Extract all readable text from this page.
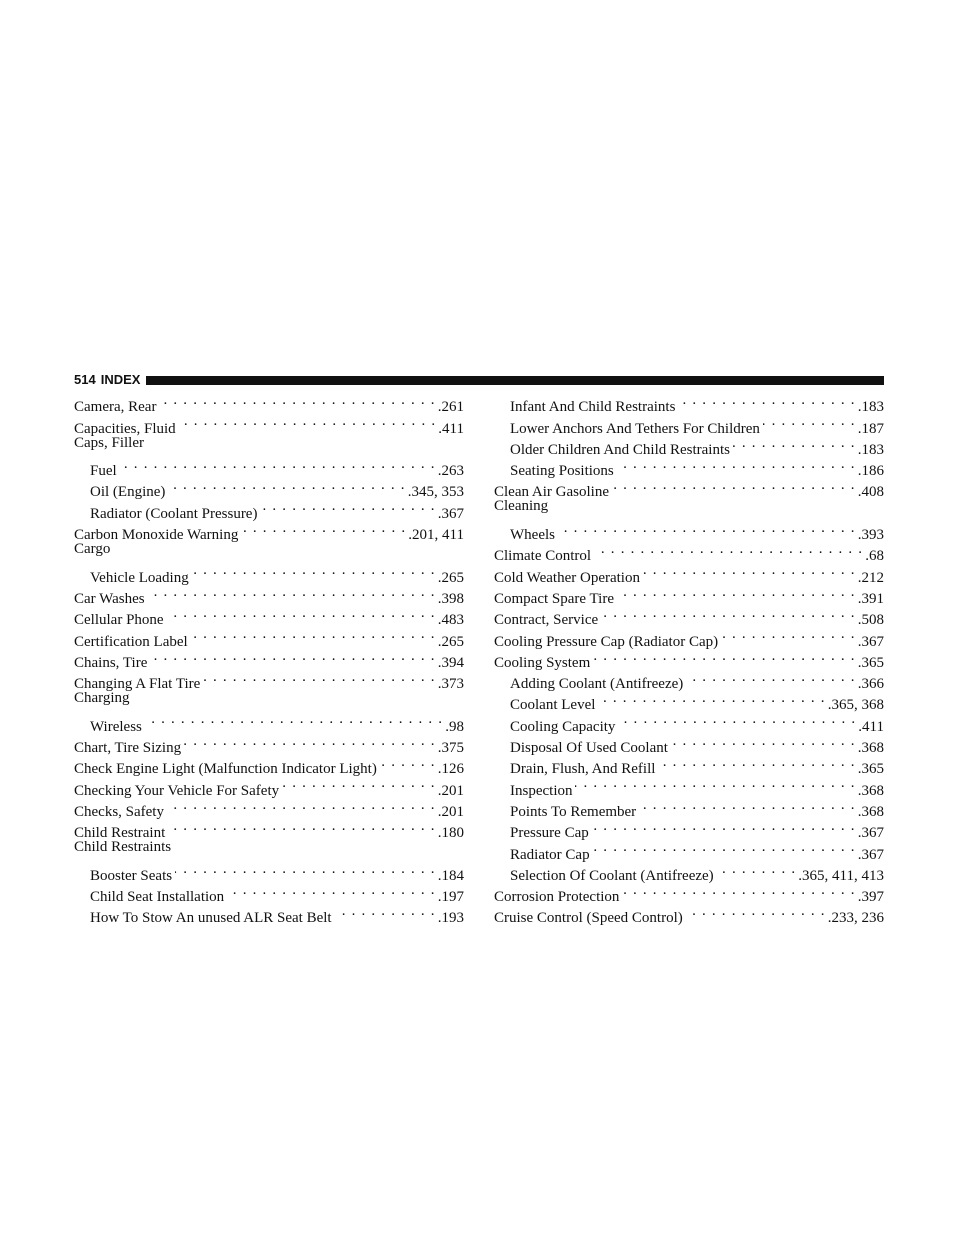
514 INDEX
Camera, Rear . . .	.261
Capacities, Fluid . . .	.411
Caps, Filler
Fuel . . .	.263
Oil (Engine) . . .	.345, 353
Radiator (Coolant Pressure) . . .	.367
Carbon Monoxide Warning . . .	.201, 411
Cargo
Vehicle Loading . . .	.265
Car Washes . . .	.398
Cellular Phone . . .	.483
Certification Label . . .	.265
Chains, Tire . . .	.394
Changing A Flat Tire . . .	.373
Charging
Wireless . . .	.98
Chart, Tire Sizing . . .	.375
Check Engine Light (Malfunction Indicator Light) . . .	.126
Checking Your Vehicle For Safety . . .	.201
Checks, Safety . . .	.201
Child Restraint . . .	.180
Child Restraints
Booster Seats . . .	.184
Child Seat Installation . . .	.197
How To Stow An unused ALR Seat Belt . . .	.193
Infant And Child Restraints . . .	.183
Lower Anchors And Tethers For Children . . .	.187
Older Children And Child Restraints . . .	.183
Seating Positions . . .	.186
Clean Air Gasoline . . .	.408
Cleaning
Wheels . . .	.393
Climate Control . . .	.68
Cold Weather Operation . . .	.212
Compact Spare Tire . . .	.391
Contract, Service . . .	.508
Cooling Pressure Cap (Radiator Cap) . . .	.367
Cooling System . . .	.365
Adding Coolant (Antifreeze) . . .	.366
Coolant Level . . .	.365, 368
Cooling Capacity . . .	.411
Disposal Of Used Coolant . . .	.368
Drain, Flush, And Refill . . .	.365
Inspection . . .	.368
Points To Remember . . .	.368
Pressure Cap . . .	.367
Radiator Cap . . .	.367
Selection Of Coolant (Antifreeze) . . .	.365, 411, 413
Corrosion Protection . . .	.397
Cruise Control (Speed Control) . . .	.233, 236
